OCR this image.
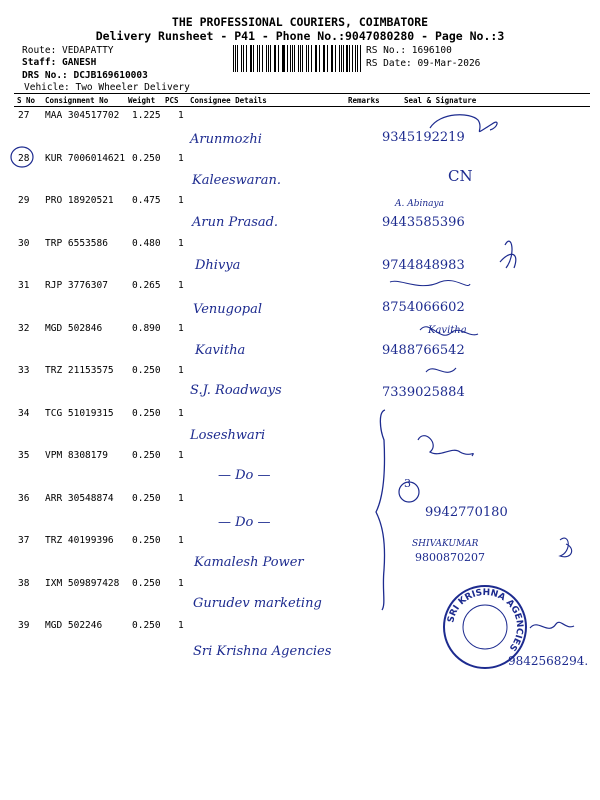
THE PROFESSIONAL COURIERS, COIMBATORE
Delivery Runsheet - P41 - Phone No.:9047080280 - Page No.:3
Route: VEDAPATTY
Staff: GANESH
DRS No.: DCJB169610003
Vehicle: Two Wheeler Delivery
RS No.: 1696100
RS Date: 09-Mar-2026
S No Consignment No	Weight PCS Consignee Details	Remarks	Seal & Signature
27 MAA 304517702 1.225 1
Arunmozhi	9345192219
28 KUR 7006014621 0.250 1
Kaleeswaran.	CN
29 PRO 18920521 0.475 1
Arun Prasad.	9443585396
A. Abinaya
30 TRP 6553586	0.480 1
Dhivya	9744848983
31 RJP 3776307	0.265 1
Venugopal	8754066602
32 MGD 502846	0.890 1
Kavitha	9488766542
Kavitha
33 TRZ 21153575 0.250 1
S.J. Roadways	7339025884
34 TCG 51019315 0.250 1
Loseshwari
35 VPM 8308179	0.250 1
— Do —
36 ARR 30548874 0.250 1
— Do —
9942770180
3
37 TRZ 40199396 0.250 1
Kamalesh Power	9800870207
SHIVAKUMAR
38 IXM 509897428 0.250 1
Gurudev marketing
39 MGD 502246	0.250 1
Sri Krishna Agencies
9842568294.
SRI KRISHNA AGENCIES
